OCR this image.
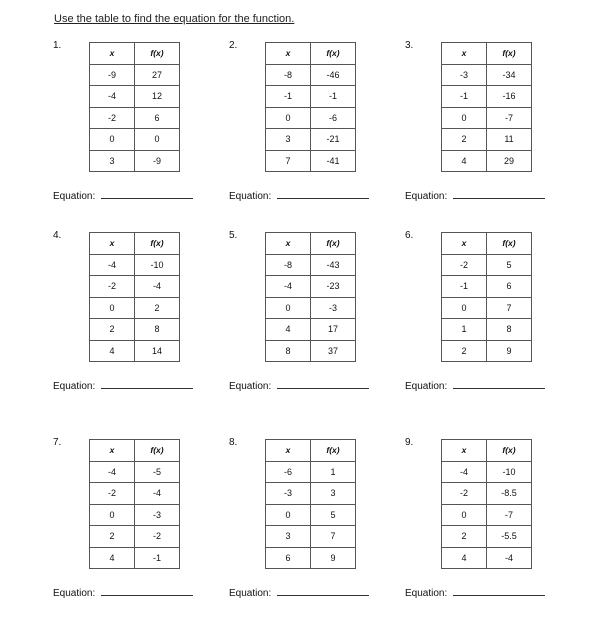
Use the table to find the equation for the function.
1.
x	f(x)
-9	27
-4	12
-2	6
0	0
3	-9
Equation:
2.
x	f(x)
-8	-46
-1	-1
0	-6
3	-21
7	-41
Equation:
3.
x	f(x)
-3	-34
-1	-16
0	-7
2	11
4	29
Equation:
4.
x	f(x)
-4	-10
-2	-4
0	2
2	8
4	14
Equation:
5.
x	f(x)
-8	-43
-4	-23
0	-3
4	17
8	37
Equation:
6.
x	f(x)
-2	5
-1	6
0	7
1	8
2	9
Equation:
7.
x	f(x)
-4	-5
-2	-4
0	-3
2	-2
4	-1
Equation:
8.
x	f(x)
-6	1
-3	3
0	5
3	7
6	9
Equation:
9.
x	f(x)
-4	-10
-2	-8.5
0	-7
2	-5.5
4	-4
Equation:
